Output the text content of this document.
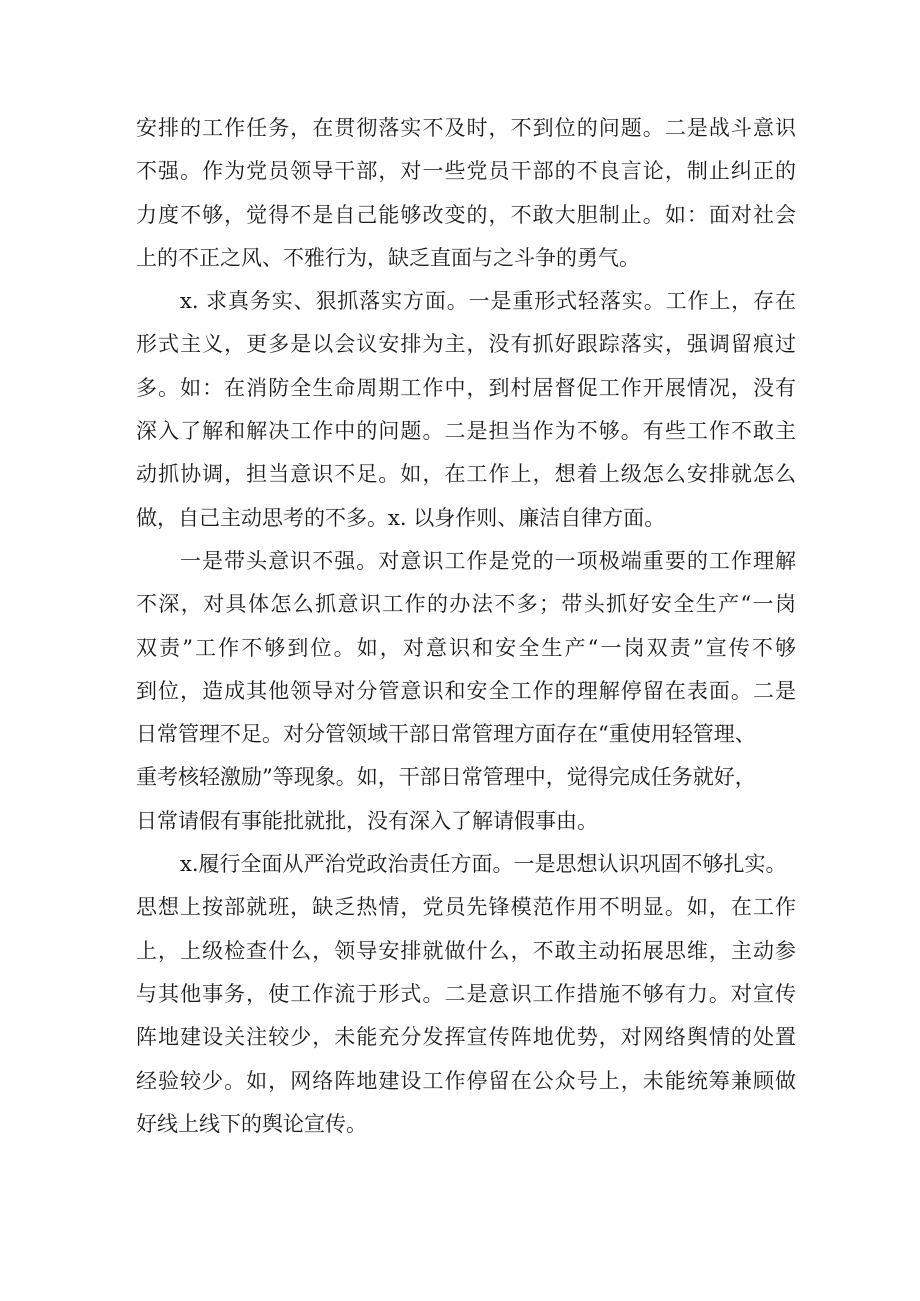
安排的工作任务，在贯彻落实不及时，不到位的问题。二是战斗意识
不强。作为党员领导干部，对一些党员干部的不良言论，制止纠正的
力度不够，觉得不是自己能够改变的，不敢大胆制止。如：面对社会
上的不正之风、不雅行为，缺乏直面与之斗争的勇气。
x. 求真务实、狠抓落实方面。一是重形式轻落实。工作上，存在
形式主义，更多是以会议安排为主，没有抓好跟踪落实，强调留痕过
多。如：在消防全生命周期工作中，到村居督促工作开展情况，没有
深入了解和解决工作中的问题。二是担当作为不够。有些工作不敢主
动抓协调，担当意识不足。如，在工作上，想着上级怎么安排就怎么
做，自己主动思考的不多。x. 以身作则、廉洁自律方面。
一是带头意识不强。对意识工作是党的一项极端重要的工作理解
不深，对具体怎么抓意识工作的办法不多；带头抓好安全生产“一岗
双责”工作不够到位。如，对意识和安全生产“一岗双责”宣传不够
到位，造成其他领导对分管意识和安全工作的理解停留在表面。二是
日常管理不足。对分管领域干部日常管理方面存在“重使用轻管理、
重考核轻激励”等现象。如，干部日常管理中，觉得完成任务就好，
日常请假有事能批就批，没有深入了解请假事由。
x.履行全面从严治党政治责任方面。一是思想认识巩固不够扎实。
思想上按部就班，缺乏热情，党员先锋模范作用不明显。如，在工作
上，上级检查什么，领导安排就做什么，不敢主动拓展思维，主动参
与其他事务，使工作流于形式。二是意识工作措施不够有力。对宣传
阵地建设关注较少，未能充分发挥宣传阵地优势，对网络舆情的处置
经验较少。如，网络阵地建设工作停留在公众号上，未能统筹兼顾做
好线上线下的舆论宣传。
